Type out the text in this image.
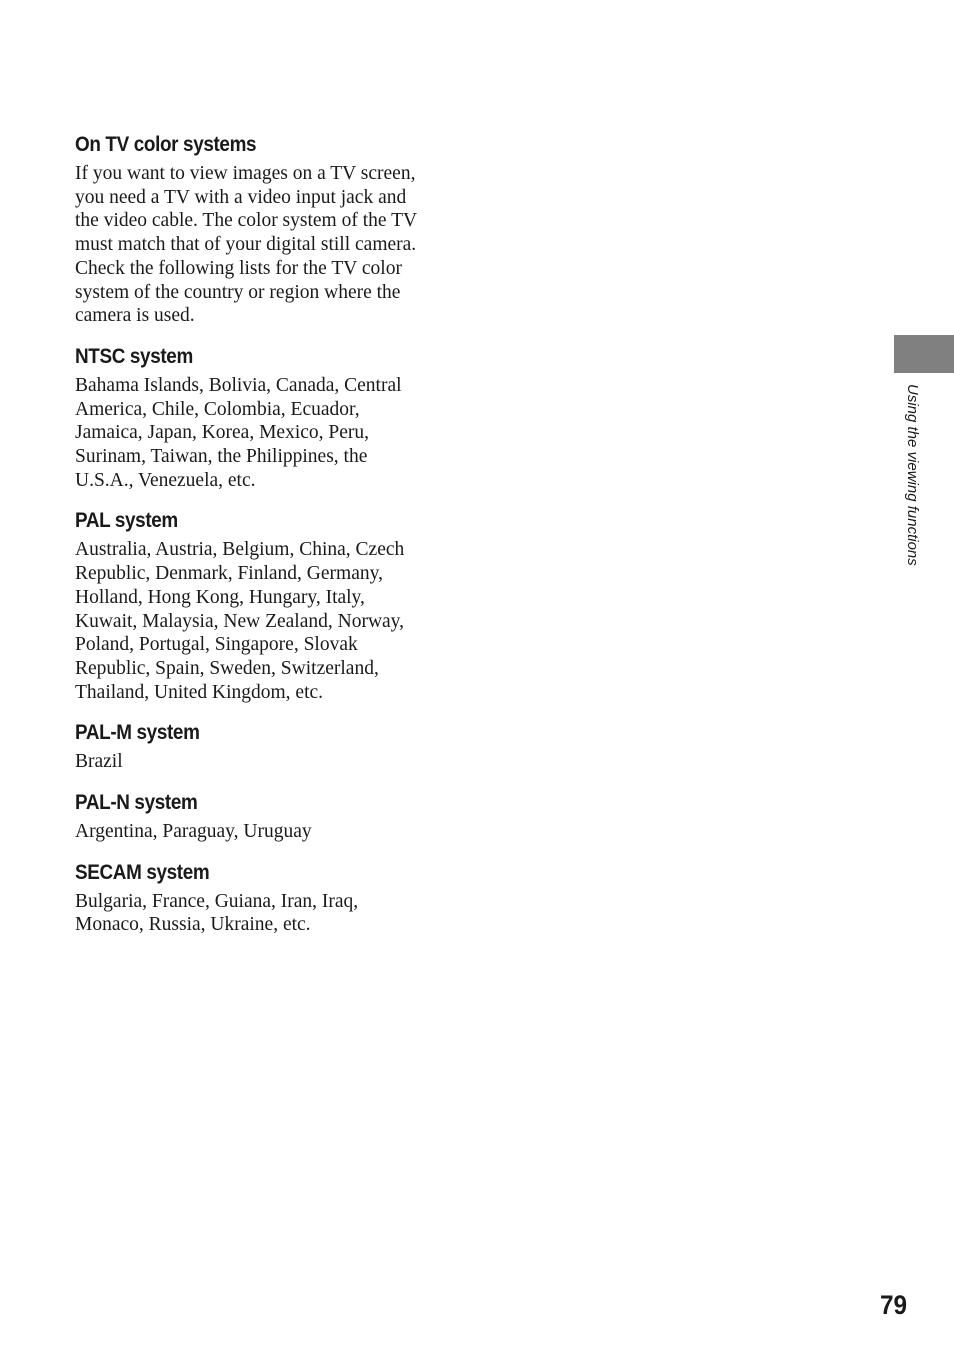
On TV color systems

If you want to view images on a TV screen,
you need a TV with a video input jack and
the video cable. The color system of the TV
must match that of your digital still camera.
Check the following lists for the TV color
system of the country or region where the
camera is used.

NTSC system

Bahama Islands, Bolivia, Canada, Central
America, Chile, Colombia, Ecuador,
Jamaica, Japan, Korea, Mexico, Peru,
Surinam, Taiwan, the Philippines, the
U.S.A., Venezuela, etc.

PAL system

Australia, Austria, Belgium, China, Czech
Republic, Denmark, Finland, Germany,
Holland, Hong Kong, Hungary, Italy,
Kuwait, Malaysia, New Zealand, Norway,
Poland, Portugal, Singapore, Slovak
Republic, Spain, Sweden, Switzerland,
Thailand, United Kingdom, etc.

PAL-M system

Brazil

PAL-N system

Argentina, Paraguay, Uruguay

SECAM system

Bulgaria, France, Guiana, Iran, Iraq,
Monaco, Russia, Ukraine, etc.

Using the viewing functions
79
